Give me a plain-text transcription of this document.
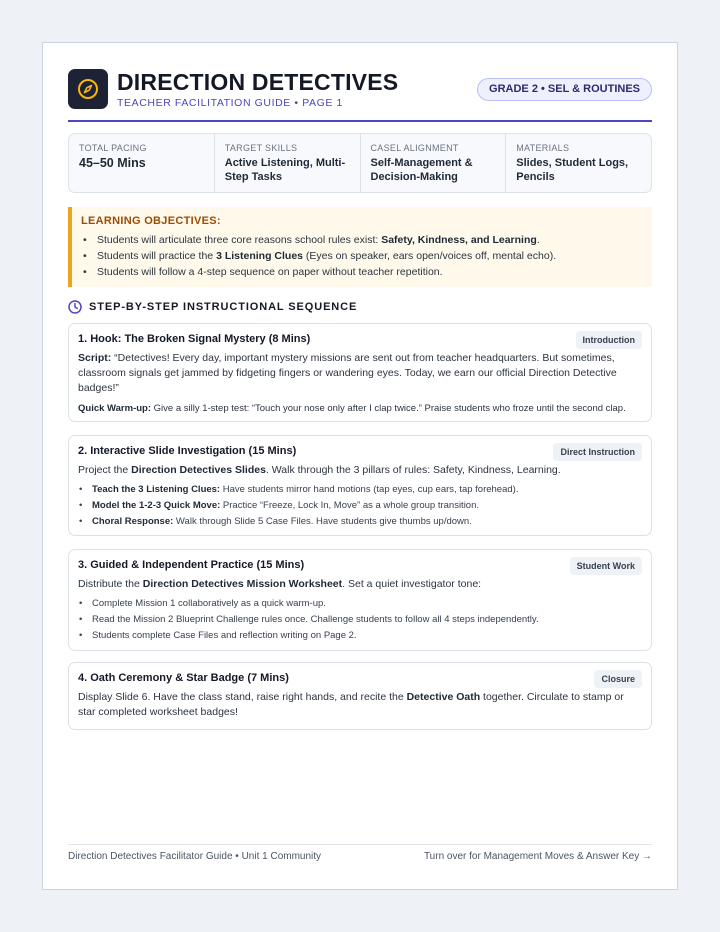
DIRECTION DETECTIVES
TEACHER FACILITATION GUIDE • PAGE 1
GRADE 2 • SEL & ROUTINES
TOTAL PACING
45–50 Mins
TARGET SKILLS
Active Listening, Multi-Step Tasks
CASEL ALIGNMENT
Self-Management & Decision-Making
MATERIALS
Slides, Student Logs, Pencils
LEARNING OBJECTIVES:
• Students will articulate three core reasons school rules exist: Safety, Kindness, and Learning.
• Students will practice the 3 Listening Clues (Eyes on speaker, ears open/voices off, mental echo).
• Students will follow a 4-step sequence on paper without teacher repetition.
STEP-BY-STEP INSTRUCTIONAL SEQUENCE
1. Hook: The Broken Signal Mystery (8 Mins)	Introduction

Script: “Detectives! Every day, important mystery missions are sent out from teacher headquarters. But sometimes, classroom signals get jammed by fidgeting fingers or wandering eyes. Today, we earn our official Direction Detective badges!”

Quick Warm-up: Give a silly 1-step test: “Touch your nose only after I clap twice.” Praise students who froze until the second clap.

2. Interactive Slide Investigation (15 Mins)	Direct Instruction

Project the Direction Detectives Slides. Walk through the 3 pillars of rules: Safety, Kindness, Learning.

• Teach the 3 Listening Clues: Have students mirror hand motions (tap eyes, cup ears, tap forehead).
• Model the 1-2-3 Quick Move: Practice “Freeze, Lock In, Move” as a whole group transition.
• Choral Response: Walk through Slide 5 Case Files. Have students give thumbs up/down.
3. Guided & Independent Practice (15 Mins)	Student Work

Distribute the Direction Detectives Mission Worksheet. Set a quiet investigator tone:

• Complete Mission 1 collaboratively as a quick warm-up.
• Read the Mission 2 Blueprint Challenge rules once. Challenge students to follow all 4 steps independently.
• Students complete Case Files and reflection writing on Page 2.
4. Oath Ceremony & Star Badge (7 Mins)	Closure

Display Slide 6. Have the class stand, raise right hands, and recite the Detective Oath together. Circulate to stamp or star completed worksheet badges!

Direction Detectives Facilitator Guide • Unit 1 Community	Turn over for Management Moves & Answer Key →
